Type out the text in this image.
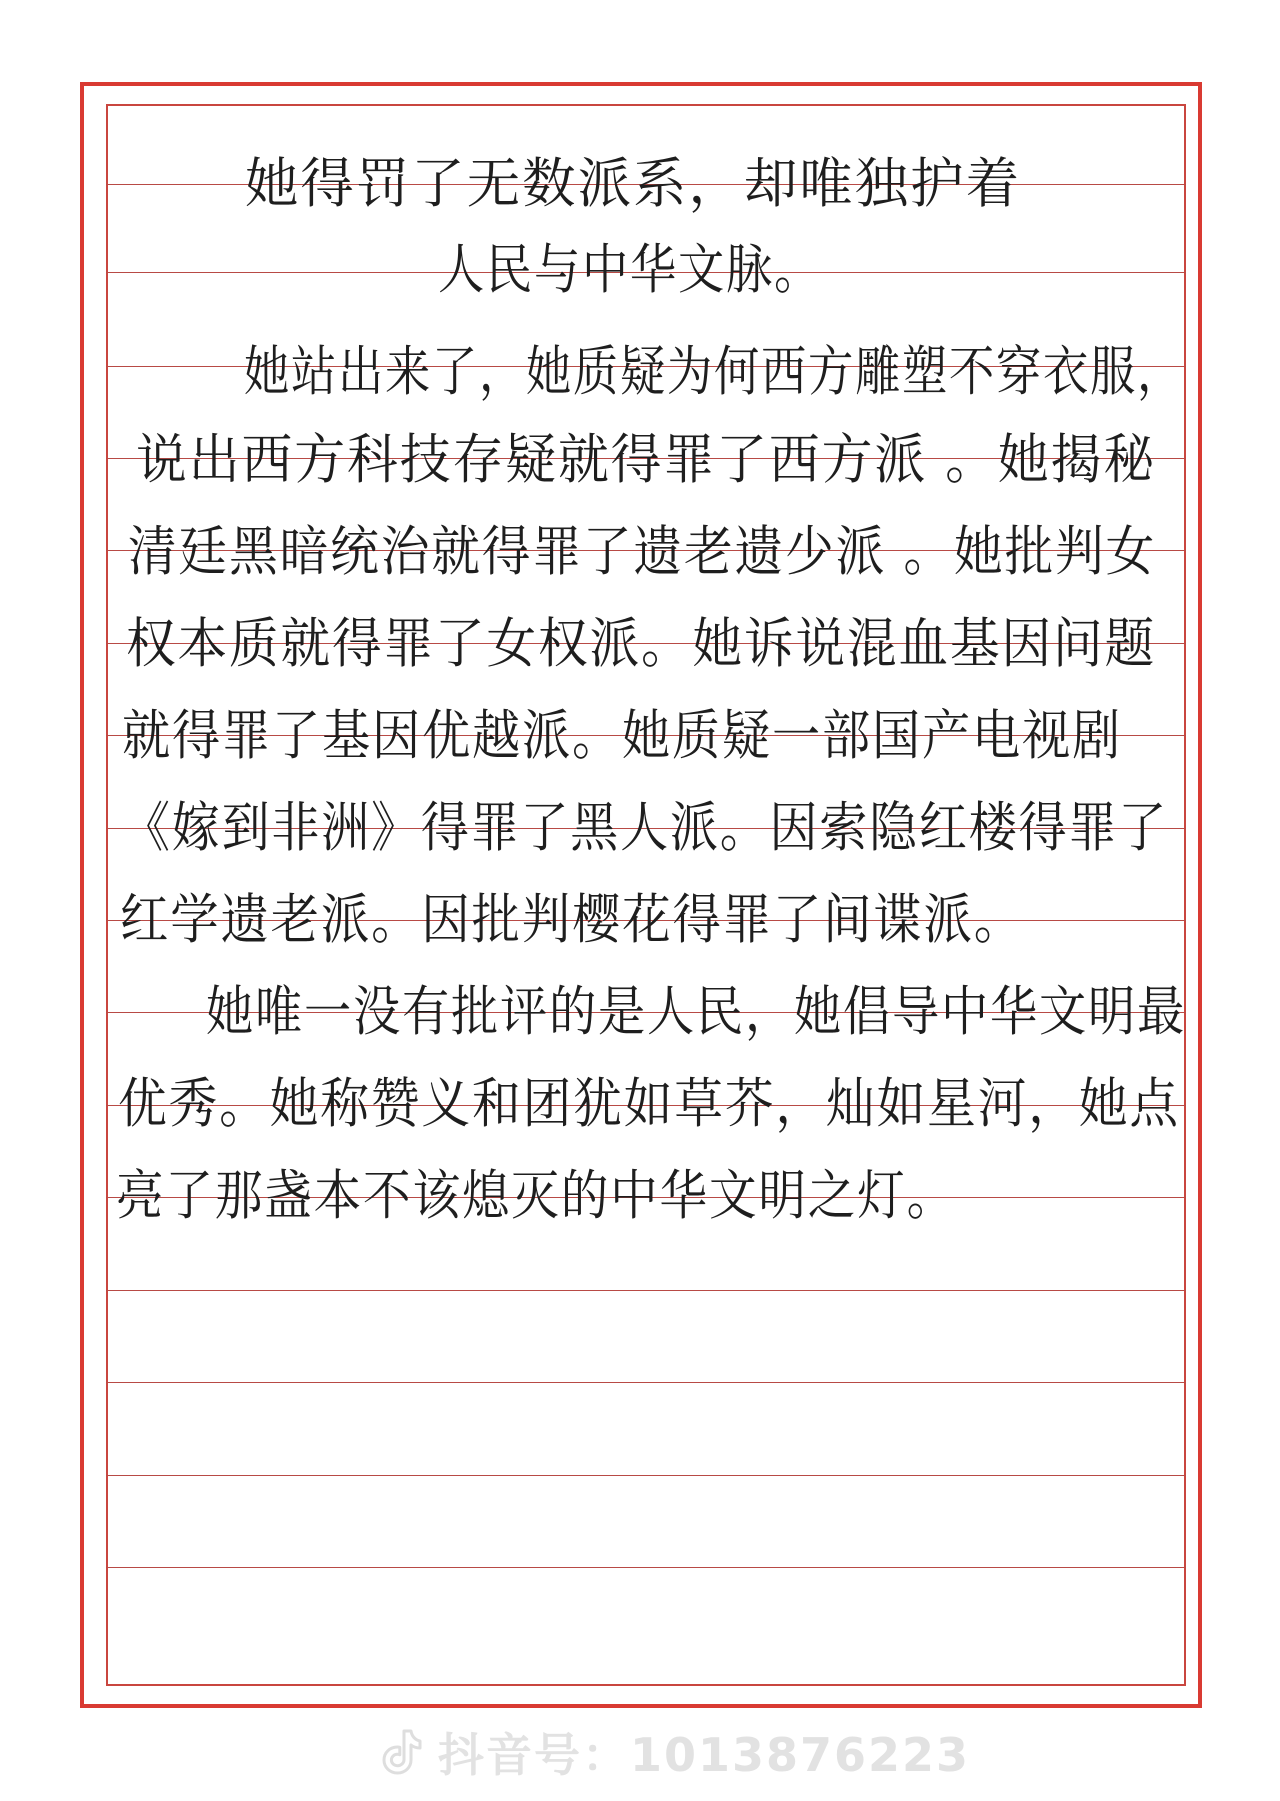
她得罚了无数派系，却唯独护着
人民与中华文脉。
她站出来了，她质疑为何西方雕塑不穿衣服，
说出西方科技存疑就得罪了西方派 。她揭秘
清廷黑暗统治就得罪了遗老遗少派 。她批判女
权本质就得罪了女权派。她诉说混血基因问题
就得罪了基因优越派。她质疑一部国产电视剧
《嫁到非洲》得罪了黑人派。因索隐红楼得罪了
红学遗老派。因批判樱花得罪了间谍派。
她唯一没有批评的是人民，她倡导中华文明最
优秀。她称赞义和团犹如草芥，灿如星河，她点
亮了那盏本不该熄灭的中华文明之灯。
抖音号：1013876223
